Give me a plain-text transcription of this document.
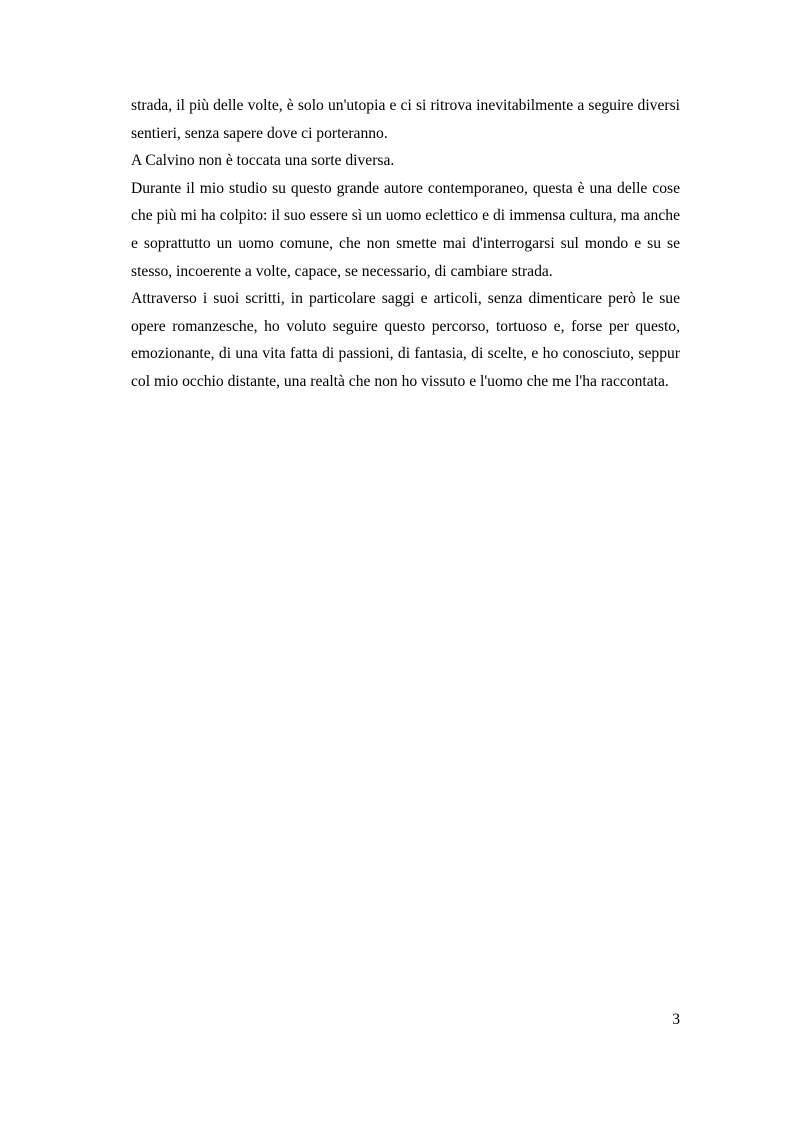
strada, il più delle volte, è solo un'utopia e ci si ritrova inevitabilmente a seguire diversi sentieri, senza sapere dove ci porteranno.

A Calvino non è toccata una sorte diversa.

Durante il mio studio su questo grande autore contemporaneo, questa è una delle cose che più mi ha colpito: il suo essere sì un uomo eclettico e di immensa cultura, ma anche e soprattutto un uomo comune, che non smette mai d'interrogarsi sul mondo e su se stesso, incoerente a volte, capace, se necessario, di cambiare strada.

Attraverso i suoi scritti, in particolare saggi e articoli, senza dimenticare però le sue opere romanzesche, ho voluto seguire questo percorso, tortuoso e, forse per questo, emozionante, di una vita fatta di passioni, di fantasia, di scelte, e ho conosciuto, seppur col mio occhio distante, una realtà che non ho vissuto e l'uomo che me l'ha raccontata.

3
